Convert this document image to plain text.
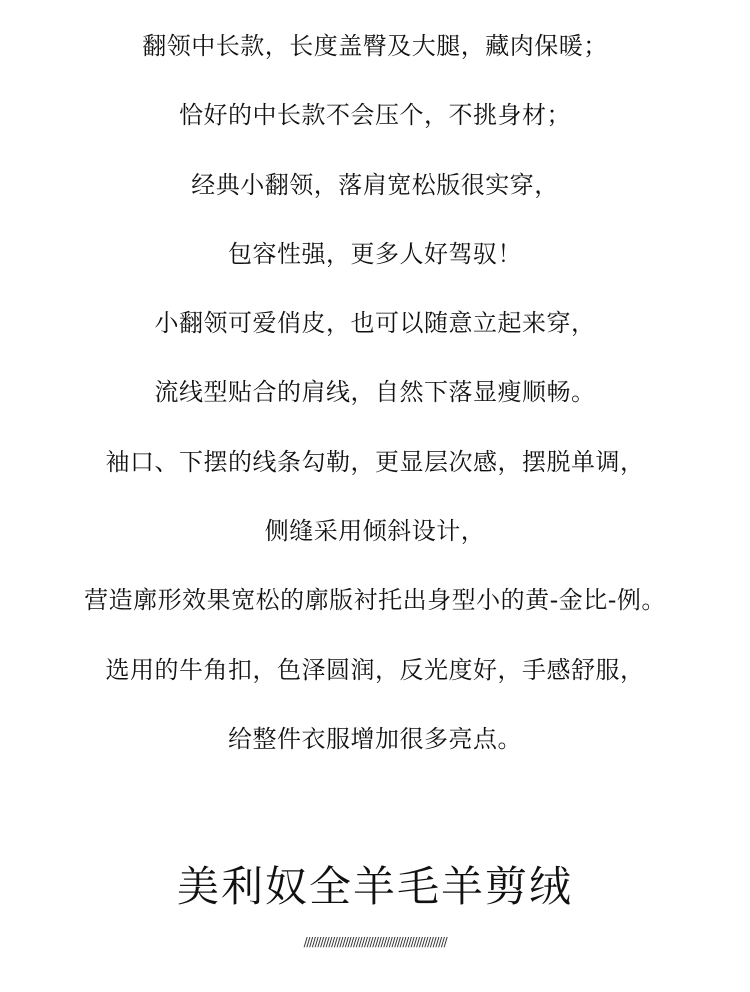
翻领中长款，长度盖臀及大腿，藏肉保暖；
恰好的中长款不会压个，不挑身材；
经典小翻领，落肩宽松版很实穿，
包容性强，更多人好驾驭！
小翻领可爱俏皮，也可以随意立起来穿，
流线型贴合的肩线，自然下落显瘦顺畅。
袖口、下摆的线条勾勒，更显层次感，摆脱单调，
侧缝采用倾斜设计，
营造廓形效果宽松的廓版衬托出身型小的黄-金比-例。
选用的牛角扣，色泽圆润，反光度好，手感舒服，
给整件衣服增加很多亮点。
美利奴全羊毛羊剪绒
////////////////////////////////////////////////////
